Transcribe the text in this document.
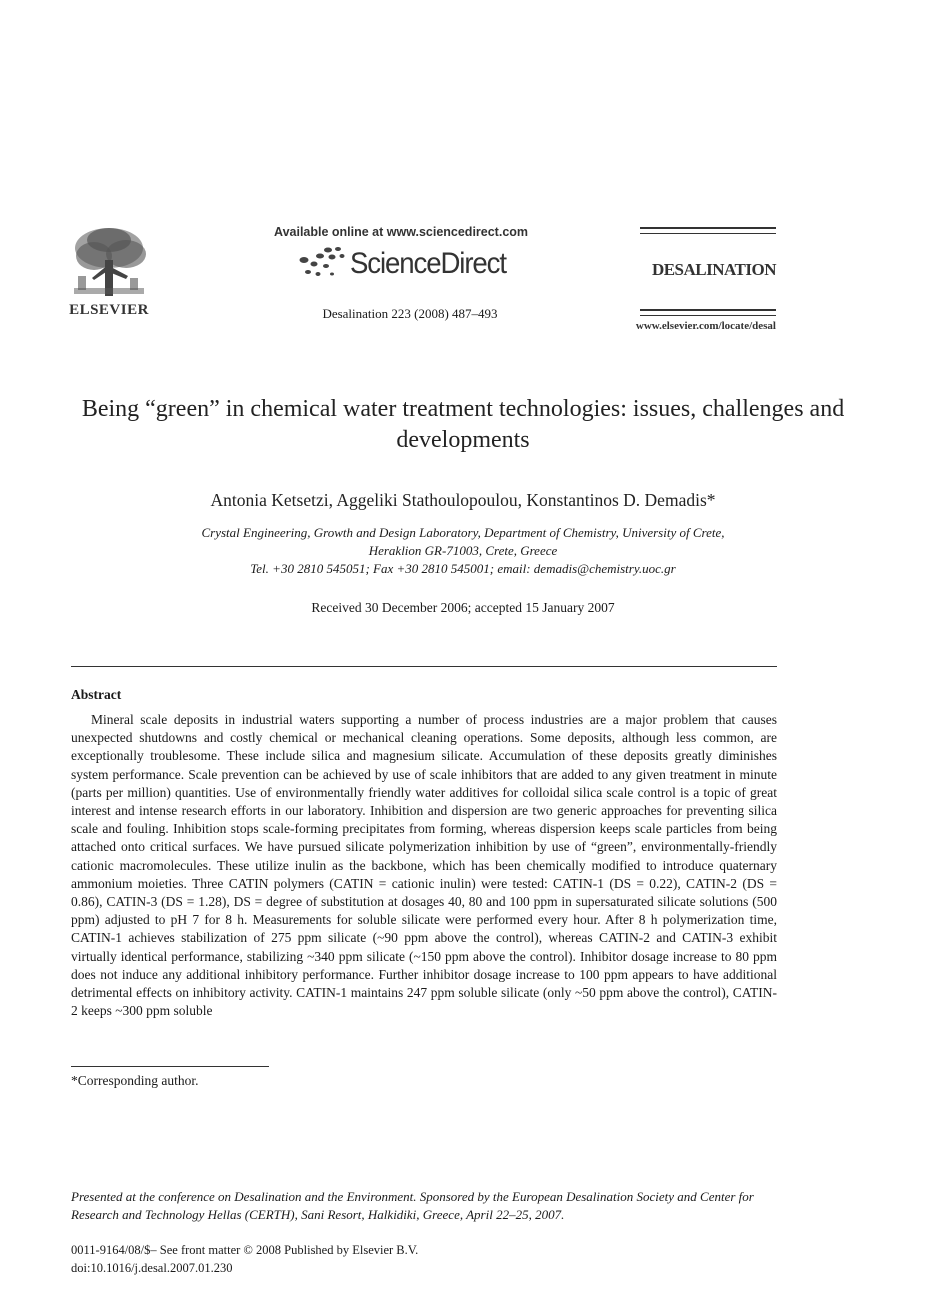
ELSEVIER
Available online at www.sciencedirect.com
ScienceDirect
Desalination 223 (2008) 487–493
DESALINATION
www.elsevier.com/locate/desal
Being “green” in chemical water treatment technologies: issues, challenges and developments
Antonia Ketsetzi, Aggeliki Stathoulopoulou, Konstantinos D. Demadis*
Crystal Engineering, Growth and Design Laboratory, Department of Chemistry, University of Crete,
Heraklion GR-71003, Crete, Greece
Tel. +30 2810 545051; Fax +30 2810 545001; email: demadis@chemistry.uoc.gr
Received 30 December 2006; accepted 15 January 2007
Abstract

Mineral scale deposits in industrial waters supporting a number of process industries are a major problem that causes unexpected shutdowns and costly chemical or mechanical cleaning operations. Some deposits, although less common, are exceptionally troublesome. These include silica and magnesium silicate. Accumulation of these deposits greatly diminishes system performance. Scale prevention can be achieved by use of scale inhibitors that are added to any given treatment in minute (parts per million) quantities. Use of environmentally friendly water additives for colloidal silica scale control is a topic of great interest and intense research efforts in our laboratory. Inhibition and dispersion are two generic approaches for preventing silica scale and fouling. Inhibition stops scale-forming precipitates from forming, whereas dispersion keeps scale particles from being attached onto critical surfaces. We have pursued silicate polymerization inhibition by use of “green”, environmentally-friendly cationic macromolecules. These utilize inulin as the backbone, which has been chemically modified to introduce quaternary ammonium moieties. Three CATIN polymers (CATIN = cationic inulin) were tested: CATIN-1 (DS = 0.22), CATIN-2 (DS = 0.86), CATIN-3 (DS = 1.28), DS = degree of substitution at dosages 40, 80 and 100 ppm in supersaturated silicate solutions (500 ppm) adjusted to pH 7 for 8 h. Measurements for soluble silicate were performed every hour. After 8 h polymerization time, CATIN-1 achieves stabilization of 275 ppm silicate (~90 ppm above the control), whereas CATIN-2 and CATIN-3 exhibit virtually identical performance, stabilizing ~340 ppm silicate (~150 ppm above the control). Inhibitor dosage increase to 80 ppm does not induce any additional inhibitory performance. Further inhibitor dosage increase to 100 ppm appears to have additional detrimental effects on inhibitory activity. CATIN-1 maintains 247 ppm soluble silicate (only ~50 ppm above the control), CATIN-2 keeps ~300 ppm soluble

*Corresponding author.
Presented at the conference on Desalination and the Environment. Sponsored by the European Desalination Society and Center for Research and Technology Hellas (CERTH), Sani Resort, Halkidiki, Greece, April 22–25, 2007.
0011-9164/08/$– See front matter © 2008 Published by Elsevier B.V.
doi:10.1016/j.desal.2007.01.230
